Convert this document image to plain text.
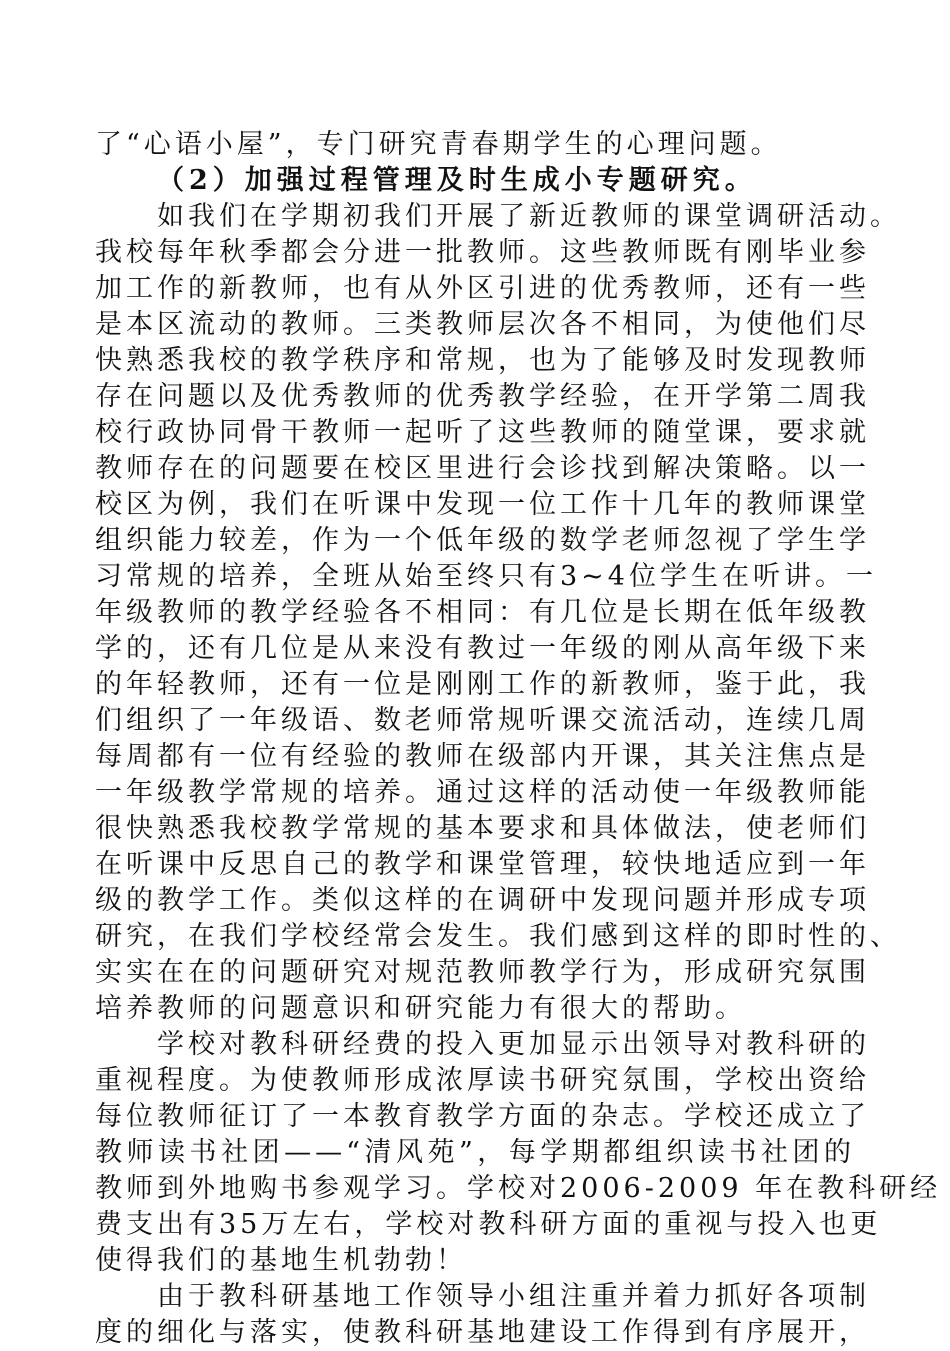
了“心语小屋”，专门研究青春期学生的心理问题。
（2）加强过程管理及时生成小专题研究。
如我们在学期初我们开展了新近教师的课堂调研活动。
我校每年秋季都会分进一批教师。这些教师既有刚毕业参
加工作的新教师，也有从外区引进的优秀教师，还有一些
是本区流动的教师。三类教师层次各不相同，为使他们尽
快熟悉我校的教学秩序和常规，也为了能够及时发现教师
存在问题以及优秀教师的优秀教学经验，在开学第二周我
校行政协同骨干教师一起听了这些教师的随堂课，要求就
教师存在的问题要在校区里进行会诊找到解决策略。以一
校区为例，我们在听课中发现一位工作十几年的教师课堂
组织能力较差，作为一个低年级的数学老师忽视了学生学
习常规的培养，全班从始至终只有3~4位学生在听讲。一
年级教师的教学经验各不相同：有几位是长期在低年级教
学的，还有几位是从来没有教过一年级的刚从高年级下来
的年轻教师，还有一位是刚刚工作的新教师，鉴于此，我
们组织了一年级语、数老师常规听课交流活动，连续几周
每周都有一位有经验的教师在级部内开课，其关注焦点是
一年级教学常规的培养。通过这样的活动使一年级教师能
很快熟悉我校教学常规的基本要求和具体做法，使老师们
在听课中反思自己的教学和课堂管理，较快地适应到一年
级的教学工作。类似这样的在调研中发现问题并形成专项
研究，在我们学校经常会发生。我们感到这样的即时性的、
实实在在的问题研究对规范教师教学行为，形成研究氛围
培养教师的问题意识和研究能力有很大的帮助。
学校对教科研经费的投入更加显示出领导对教科研的
重视程度。为使教师形成浓厚读书研究氛围，学校出资给
每位教师征订了一本教育教学方面的杂志。学校还成立了
教师读书社团——“清风苑”，每学期都组织读书社团的
教师到外地购书参观学习。学校对2006-2009 年在教科研经
费支出有35万左右，学校对教科研方面的重视与投入也更
使得我们的基地生机勃勃！
由于教科研基地工作领导小组注重并着力抓好各项制
度的细化与落实，使教科研基地建设工作得到有序展开，
